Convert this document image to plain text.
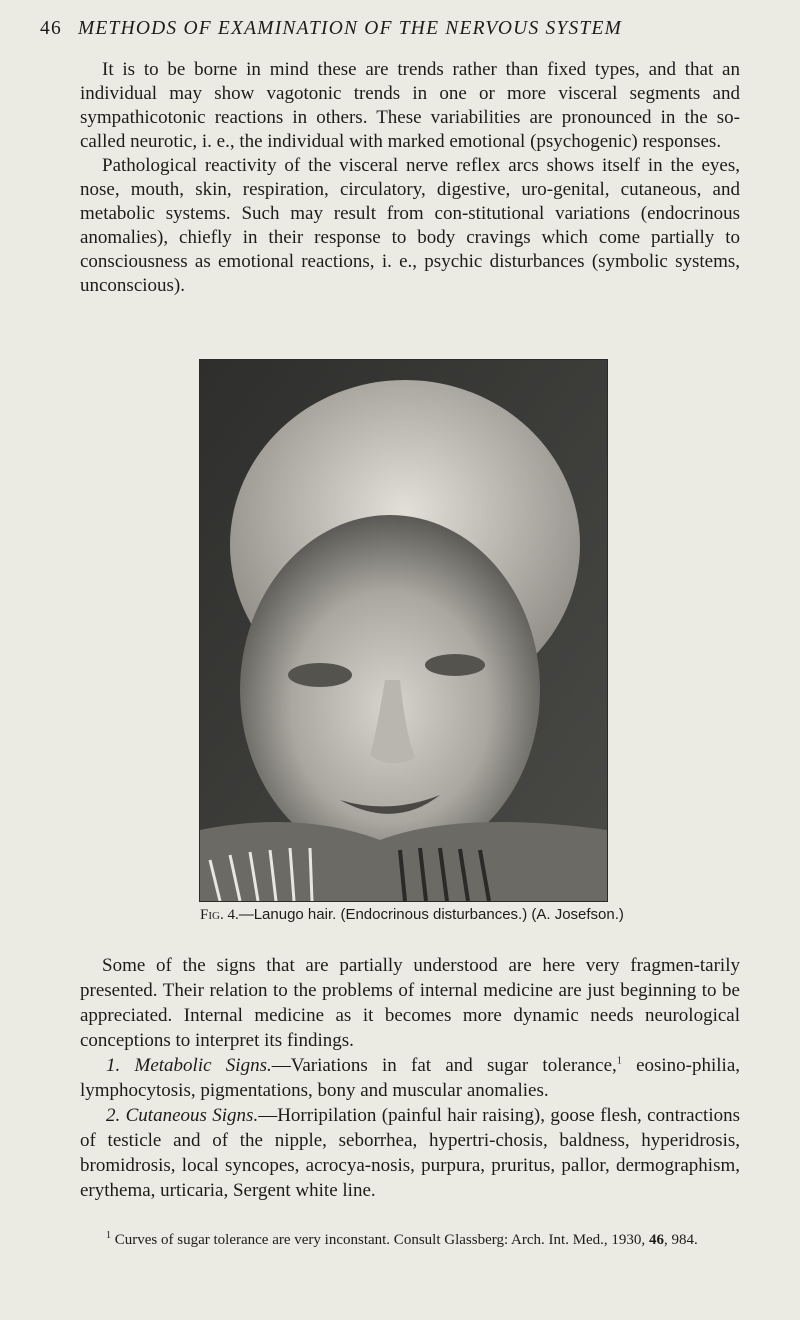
46 METHODS OF EXAMINATION OF THE NERVOUS SYSTEM

It is to be borne in mind these are trends rather than fixed types, and that an individual may show vagotonic trends in one or more visceral segments and sympathicotonic reactions in others. These variabilities are pronounced in the so-called neurotic, i. e., the individual with marked emotional (psychogenic) responses.

Pathological reactivity of the visceral nerve reflex arcs shows itself in the eyes, nose, mouth, skin, respiration, circulatory, digestive, uro-genital, cutaneous, and metabolic systems. Such may result from con-stitutional variations (endocrinous anomalies), chiefly in their response to body cravings which come partially to consciousness as emotional reactions, i. e., psychic disturbances (symbolic systems, unconscious).

Fig. 4.—Lanugo hair. (Endocrinous disturbances.) (A. Josefson.)

Some of the signs that are partially understood are here very fragmen-tarily presented. Their relation to the problems of internal medicine are just beginning to be appreciated. Internal medicine as it becomes more dynamic needs neurological conceptions to interpret its findings.

1. Metabolic Signs.—Variations in fat and sugar tolerance,$^1$ eosino-philia, lymphocytosis, pigmentations, bony and muscular anomalies.

2. Cutaneous Signs.—Horripilation (painful hair raising), goose flesh, contractions of testicle and of the nipple, seborrhea, hypertri-chosis, baldness, hyperidrosis, bromidrosis, local syncopes, acrocya-nosis, purpura, pruritus, pallor, dermographism, erythema, urticaria, Sergent white line.

$^1$ Curves of sugar tolerance are very inconstant. Consult Glassberg: Arch. Int. Med., 1930, 46, 984.
